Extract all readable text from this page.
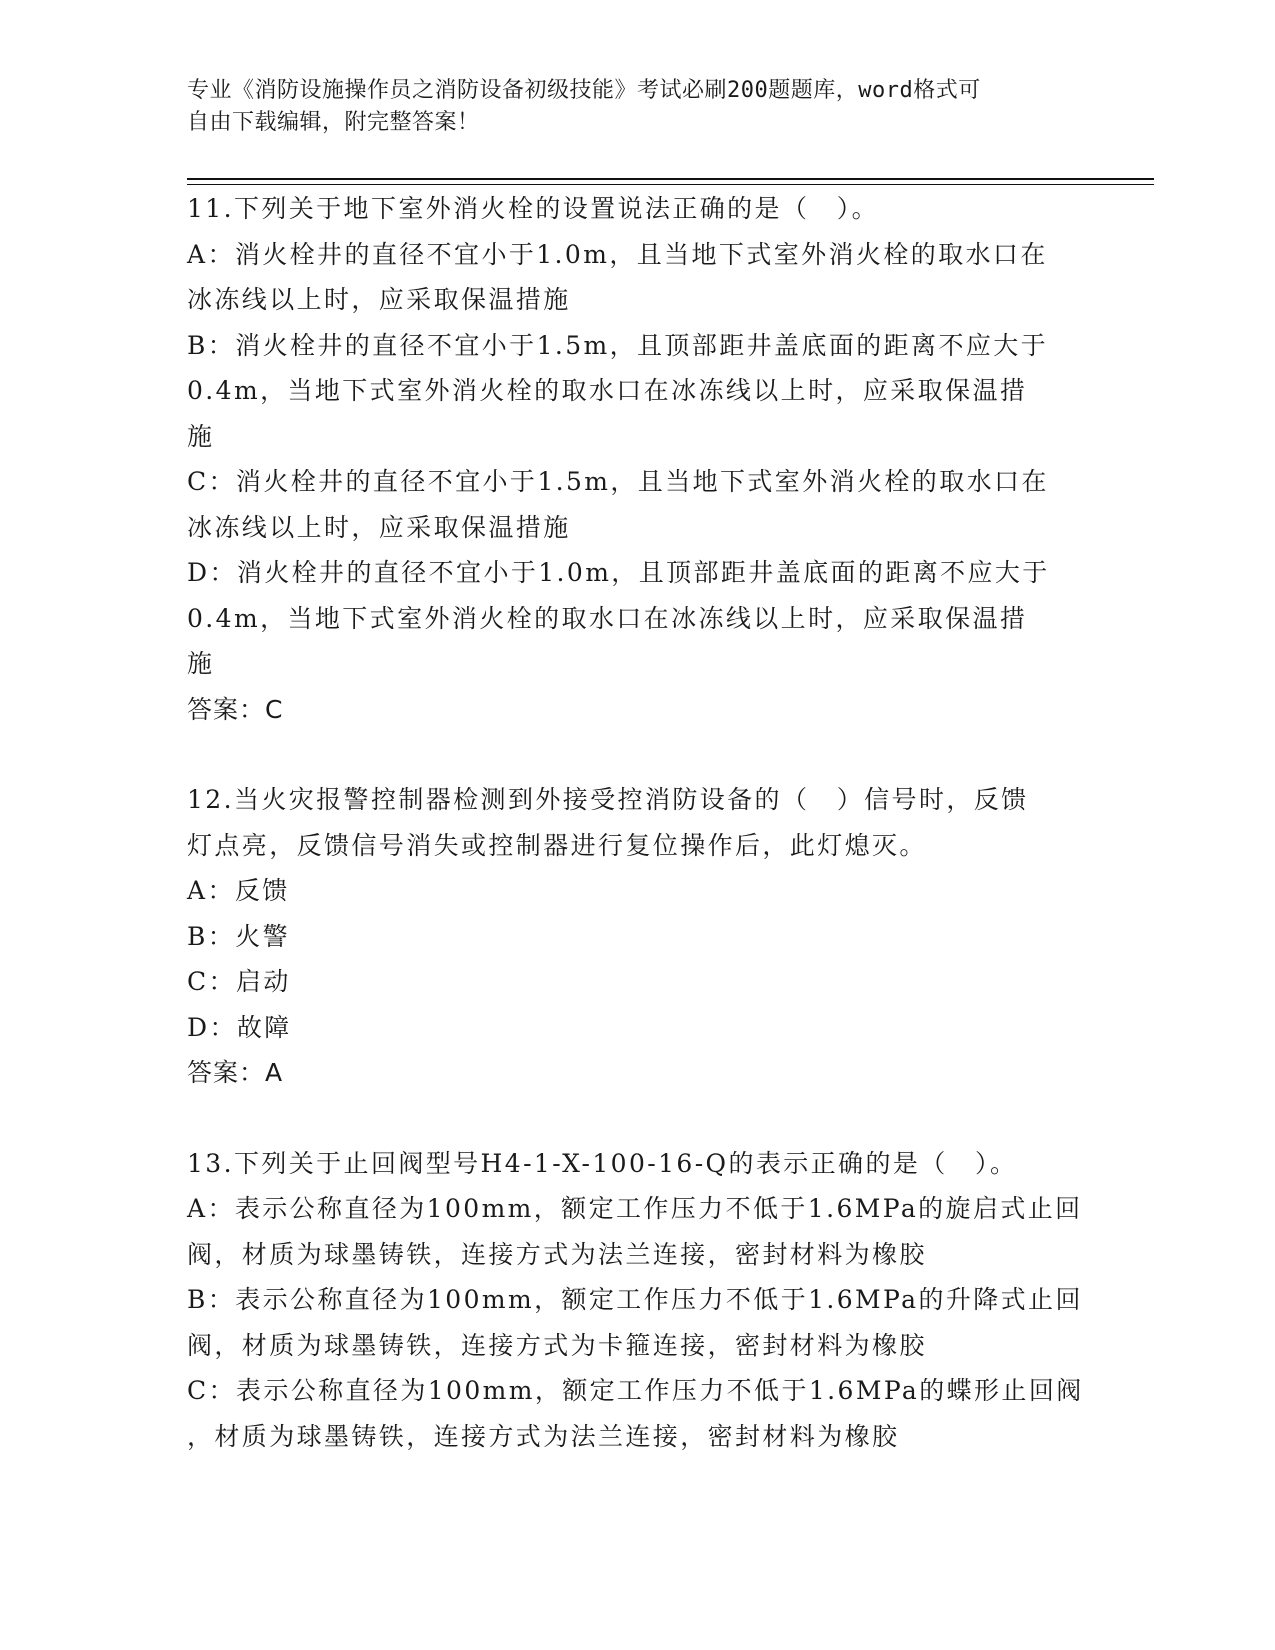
专业《消防设施操作员之消防设备初级技能》考试必刷200题题库，word格式可
自由下载编辑，附完整答案！
11.下列关于地下室外消火栓的设置说法正确的是（　）。
A：消火栓井的直径不宜小于1.0m，且当地下式室外消火栓的取水口在
冰冻线以上时，应采取保温措施
B：消火栓井的直径不宜小于1.5m，且顶部距井盖底面的距离不应大于
0.4m，当地下式室外消火栓的取水口在冰冻线以上时，应采取保温措
施
C：消火栓井的直径不宜小于1.5m，且当地下式室外消火栓的取水口在
冰冻线以上时，应采取保温措施
D：消火栓井的直径不宜小于1.0m，且顶部距井盖底面的距离不应大于
0.4m，当地下式室外消火栓的取水口在冰冻线以上时，应采取保温措
施
答案：C
12.当火灾报警控制器检测到外接受控消防设备的（　）信号时，反馈
灯点亮，反馈信号消失或控制器进行复位操作后，此灯熄灭。
A：反馈
B：火警
C：启动
D：故障
答案：A
13.下列关于止回阀型号H4-1-X-100-16-Q的表示正确的是（　）。
A：表示公称直径为100mm，额定工作压力不低于1.6MPa的旋启式止回
阀，材质为球墨铸铁，连接方式为法兰连接，密封材料为橡胶
B：表示公称直径为100mm，额定工作压力不低于1.6MPa的升降式止回
阀，材质为球墨铸铁，连接方式为卡箍连接，密封材料为橡胶
C：表示公称直径为100mm，额定工作压力不低于1.6MPa的蝶形止回阀
，材质为球墨铸铁，连接方式为法兰连接，密封材料为橡胶
